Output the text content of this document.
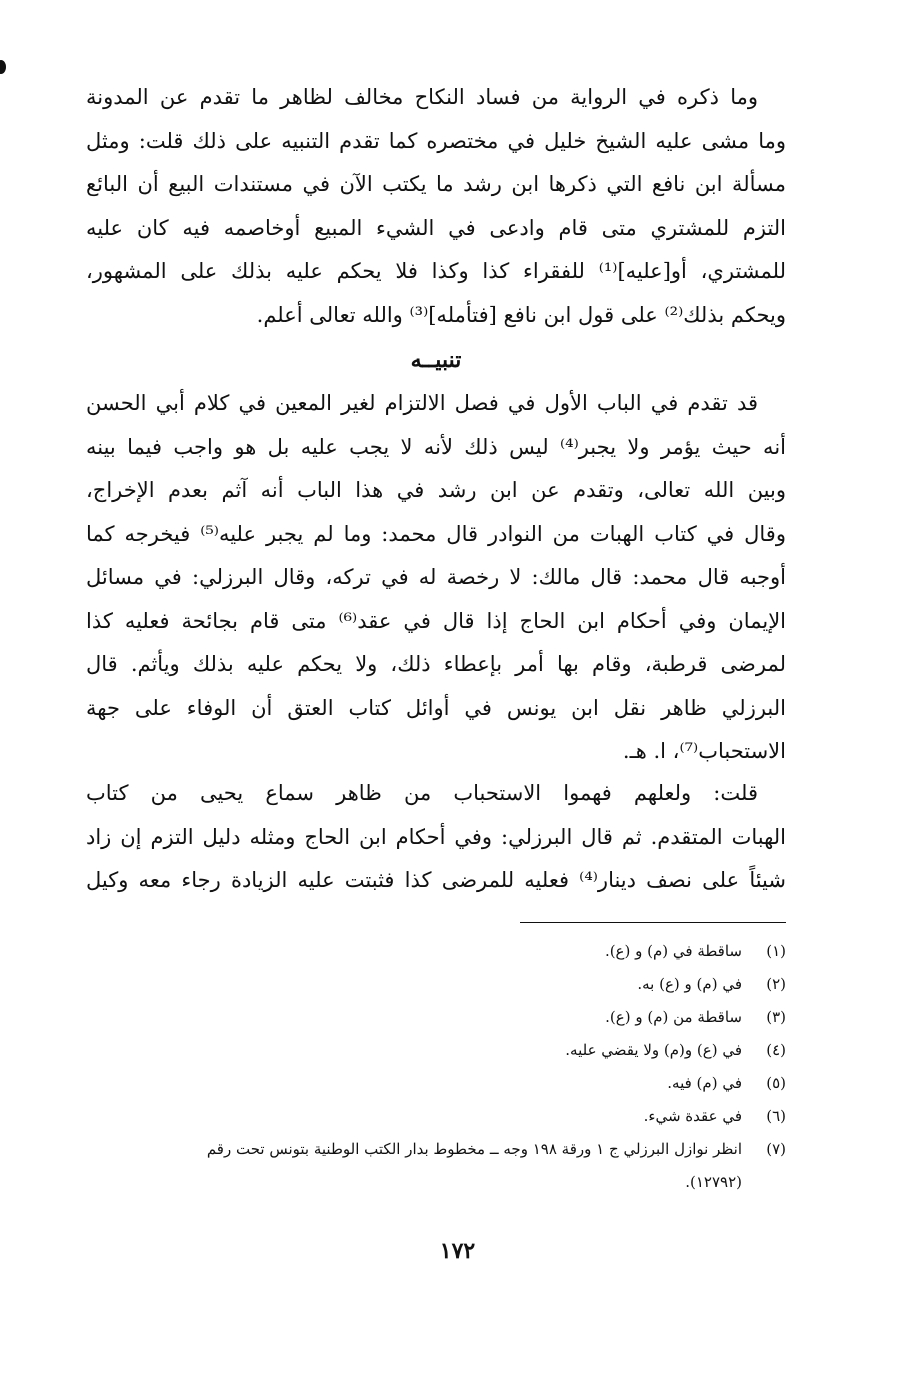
وما ذكره في الرواية من فساد النكاح مخالف لظاهر ما تقدم عن المدونة
وما مشى عليه الشيخ خليل في مختصره كما تقدم التنبيه على ذلك قلت: ومثل
مسألة ابن نافع التي ذكرها ابن رشد ما يكتب الآن في مستندات البيع أن البائع
التزم للمشتري متى قام وادعى في الشيء المبيع أوخاصمه فيه كان عليه
للمشتري، أو[عليه]⁽¹⁾ للفقراء كذا وكذا فلا يحكم عليه بذلك على المشهور،
ويحكم بذلك⁽²⁾ على قول ابن نافع [فتأمله]⁽³⁾ والله تعالى أعلم.
تنبيــه
قد تقدم في الباب الأول في فصل الالتزام لغير المعين في كلام أبي الحسن
أنه حيث يؤمر ولا يجبر⁽⁴⁾ ليس ذلك لأنه لا يجب عليه بل هو واجب فيما بينه
وبين الله تعالى، وتقدم عن ابن رشد في هذا الباب أنه آثم بعدم الإخراج،
وقال في كتاب الهبات من النوادر قال محمد: وما لم يجبر عليه⁽⁵⁾ فيخرجه كما
أوجبه قال محمد: قال مالك: لا رخصة له في تركه، وقال البرزلي: في مسائل
الإيمان وفي أحكام ابن الحاج إذا قال في عقد⁽⁶⁾ متى قام بجائحة فعليه كذا
لمرضى قرطبة، وقام بها أمر بإعطاء ذلك، ولا يحكم عليه بذلك ويأثم. قال
البرزلي ظاهر نقل ابن يونس في أوائل كتاب العتق أن الوفاء على جهة
الاستحباب⁽⁷⁾، ا. هـ.
قلت: ولعلهم فهموا الاستحباب من ظاهر سماع يحيى من كتاب
الهبات المتقدم. ثم قال البرزلي: وفي أحكام ابن الحاج ومثله دليل التزم إن زاد
شيئاً على نصف دينار⁽⁴⁾ فعليه للمرضى كذا فثبتت عليه الزيادة رجاء معه وكيل
(١)
ساقطة في (م) و (ع).
(٢)
في (م) و (ع) به.
(٣)
ساقطة من (م) و (ع).
(٤)
في (ع) و(م) ولا يقضي عليه.
(٥)
في (م) فيه.
(٦)
في عقدة شيء.
(٧)
انظر نوازل البرزلي ج ١ ورقة ١٩٨ وجه ــ مخطوط بدار الكتب الوطنية بتونس تحت رقم
(١٢٧٩٢).
١٧٢
